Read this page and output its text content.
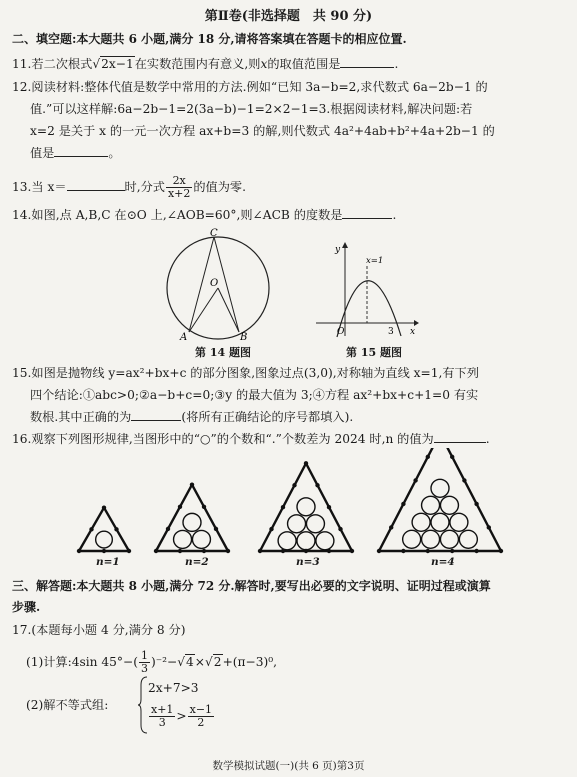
第Ⅱ卷(非选择题　共 90 分)
二、填空题:本大题共 6 小题,满分 18 分,请将答案填在答题卡的相应位置.
11.若二次根式√2x−1在实数范围内有意义,则x的取值范围是	.
12.阅读材料:整体代值是数学中常用的方法.例如“已知 3a−b=2,求代数式 6a−2b−1 的
值.”可以这样解:6a−2b−1=2(3a−b)−1=2×2−1=3.根据阅读材料,解决问题:若
x=2 是关于 x 的一元一次方程 ax+b=3 的解,则代数式 4a²+4ab+b²+4a+2b−1 的
值是	。
13.当 x＝	时,分式 $\frac{2x}{x+2}$ 的值为零.
14.如图,点 A,B,C 在⊙O 上,∠AOB=60°,则∠ACB 的度数是	.
C
O
A	B
第 14 题图
y
x
O	3
x=1
第 15 题图
15.如图是抛物线 y=ax²+bx+c 的部分图象,图象过点(3,0),对称轴为直线 x=1,有下列
四个结论:①abc>0;②a−b+c=0;③y 的最大值为 3;④方程 ax²+bx+c+1=0 有实
数根.其中正确的为	(将所有正确结论的序号都填入).
16.观察下列图形规律,当图形中的“○”的个数和“.”个数差为 2024 时,n 的值为	.
n=1	n=2	n=3	n=4
三、解答题:本大题共 8 小题,满分 72 分.解答时,要写出必要的文字说明、证明过程或演算
步骤.
17.(本题每小题 4 分,满分 8 分)
(1)计算:4sin $45^\circ-( \frac{1}{3} )^{-2}-√4\times√2+(\pi-3)^0$,
(2)解不等式组:
2x+7>3
$\frac{x+1}{3} > \frac{x-1}{2}$
数学模拟试题(一)(共 6 页)第3页
